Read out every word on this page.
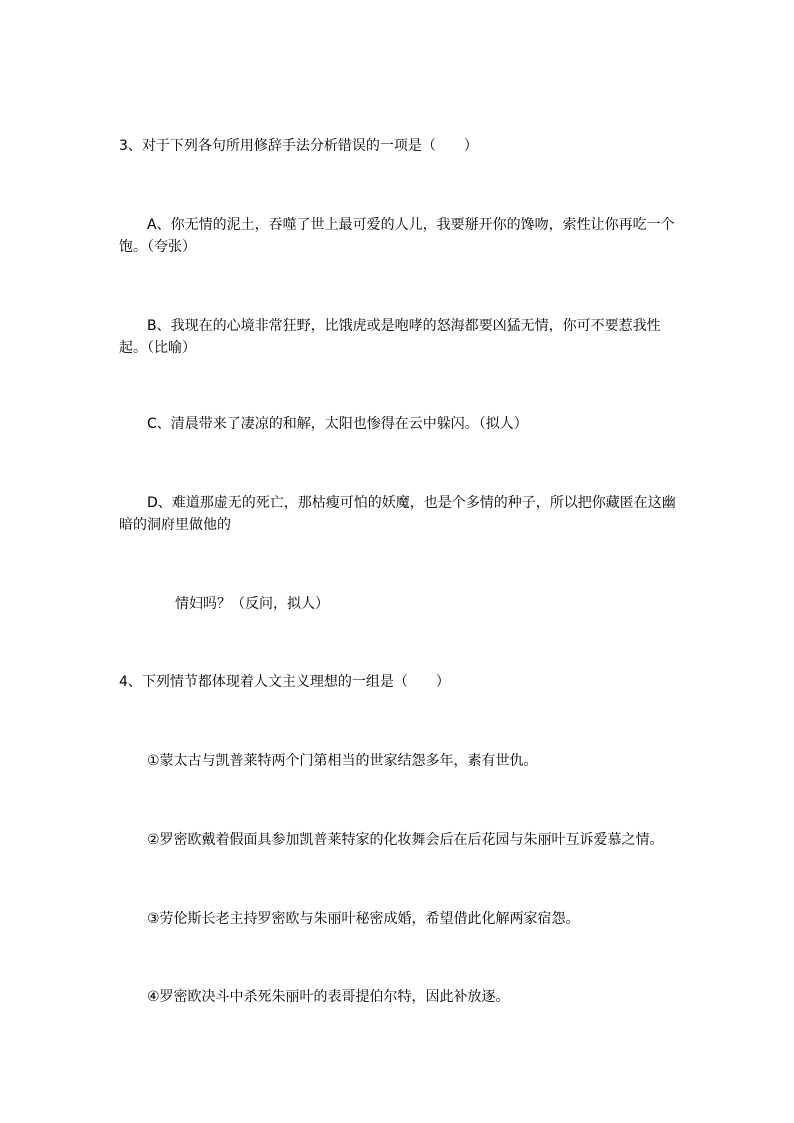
3、对于下列各句所用修辞手法分析错误的一项是（　　）
A、你无情的泥土，吞噬了世上最可爱的人儿，我要掰开你的馋吻，索性让你再吃一个饱。（夸张）
B、我现在的心境非常狂野，比饿虎或是咆哮的怒海都要凶猛无情，你可不要惹我性起。（比喻）
C、清晨带来了凄凉的和解，太阳也惨得在云中躲闪。（拟人）
D、难道那虚无的死亡，那枯瘦可怕的妖魔，也是个多情的种子，所以把你藏匿在这幽暗的洞府里做他的
情妇吗？（反问，拟人）
4、下列情节都体现着人文主义理想的一组是（　　）
①蒙太古与凯普莱特两个门第相当的世家结怨多年，素有世仇。
②罗密欧戴着假面具参加凯普莱特家的化妆舞会后在后花园与朱丽叶互诉爱慕之情。
③劳伦斯长老主持罗密欧与朱丽叶秘密成婚，希望借此化解两家宿怨。
④罗密欧决斗中杀死朱丽叶的表哥提伯尔特，因此补放逐。
